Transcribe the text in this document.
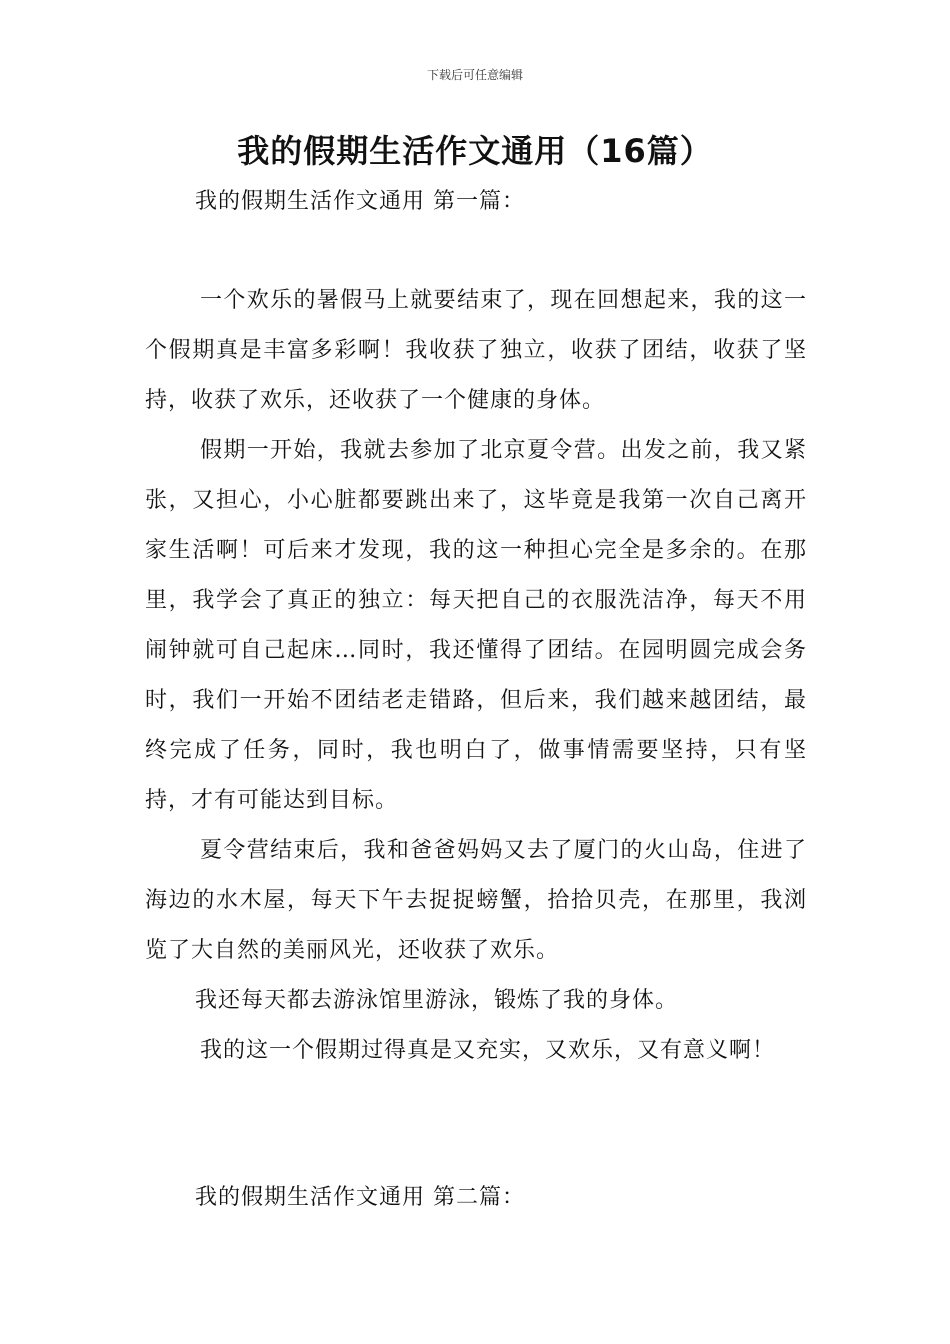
下载后可任意编辑
我的假期生活作文通用（16篇）
我的假期生活作文通用 第一篇：

一个欢乐的暑假马上就要结束了，现在回想起来，我的这一个假期真是丰富多彩啊！我收获了独立，收获了团结，收获了坚持，收获了欢乐，还收获了一个健康的身体。

假期一开始，我就去参加了北京夏令营。出发之前，我又紧张，又担心，小心脏都要跳出来了，这毕竟是我第一次自己离开家生活啊！可后来才发现，我的这一种担心完全是多余的。在那里，我学会了真正的独立：每天把自己的衣服洗洁净，每天不用闹钟就可自己起床…同时，我还懂得了团结。在园明圆完成会务时，我们一开始不团结老走错路，但后来，我们越来越团结，最终完成了任务，同时，我也明白了，做事情需要坚持，只有坚持，才有可能达到目标。

夏令营结束后，我和爸爸妈妈又去了厦门的火山岛，住进了海边的水木屋，每天下午去捉捉螃蟹，拾拾贝壳，在那里，我浏览了大自然的美丽风光，还收获了欢乐。

我还每天都去游泳馆里游泳，锻炼了我的身体。

我的这一个假期过得真是又充实，又欢乐，又有意义啊！

我的假期生活作文通用 第二篇：
